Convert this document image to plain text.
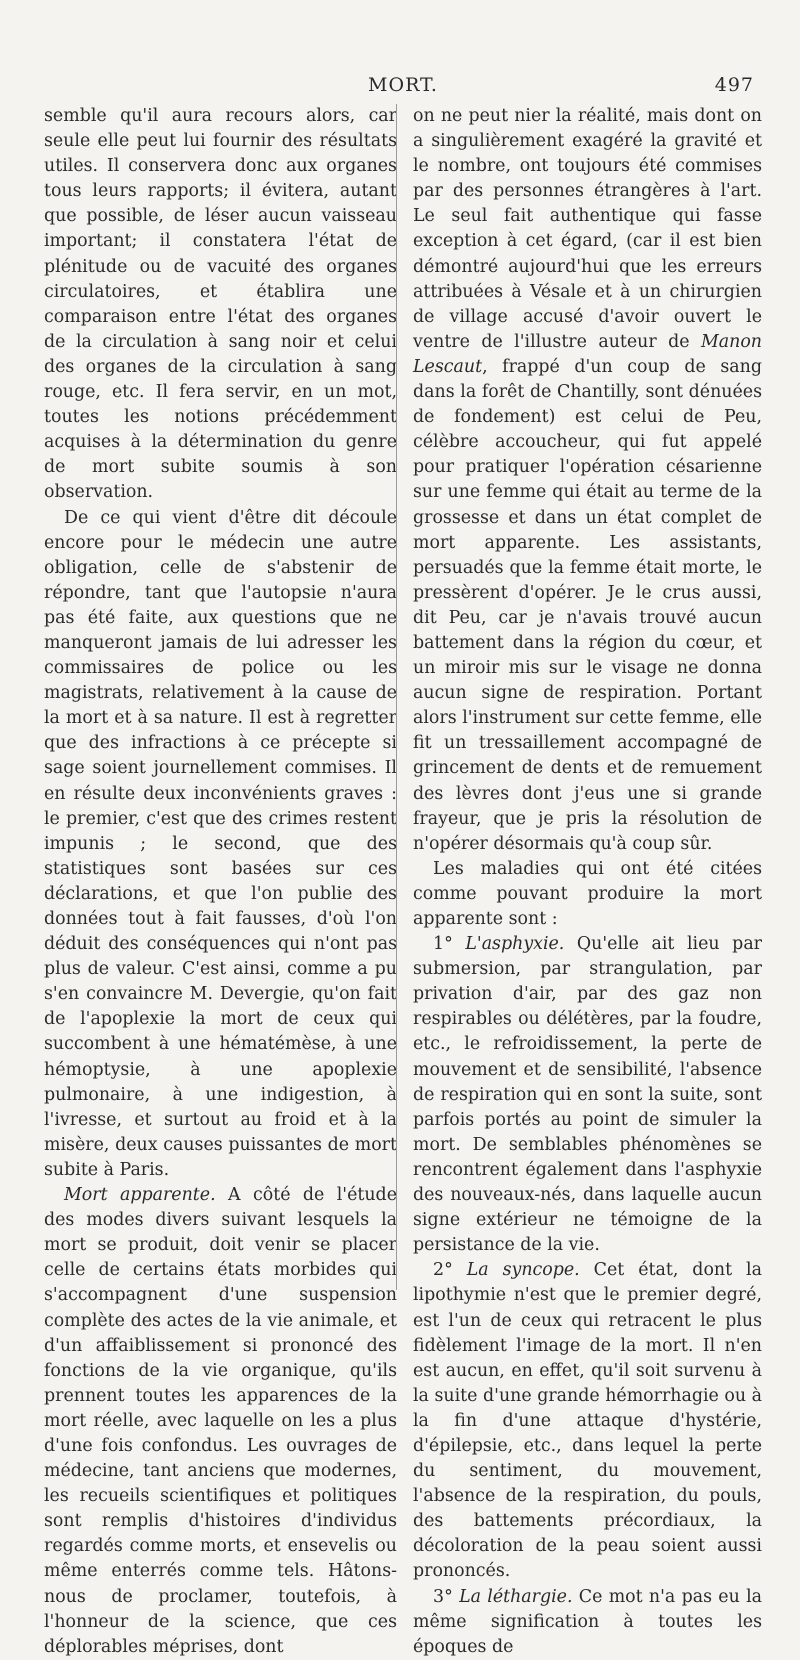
MORT.	497

semble qu'il aura recours alors, car seule elle peut lui fournir des résultats utiles. Il conservera donc aux organes tous leurs rapports; il évitera, autant que possible, de léser aucun vaisseau important; il constatera l'état de plénitude ou de vacuité des organes circulatoires, et établira une comparaison entre l'état des organes de la circulation à sang noir et celui des organes de la circulation à sang rouge, etc. Il fera servir, en un mot, toutes les notions précédemment acquises à la détermination du genre de mort subite soumis à son observation.

De ce qui vient d'être dit découle encore pour le médecin une autre obligation, celle de s'abstenir de répondre, tant que l'autopsie n'aura pas été faite, aux questions que ne manqueront jamais de lui adresser les commissaires de police ou les magistrats, relativement à la cause de la mort et à sa nature. Il est à regretter que des infractions à ce précepte si sage soient journellement commises. Il en résulte deux inconvénients graves : le premier, c'est que des crimes restent impunis ; le second, que des statistiques sont basées sur ces déclarations, et que l'on publie des données tout à fait fausses, d'où l'on déduit des conséquences qui n'ont pas plus de valeur. C'est ainsi, comme a pu s'en convaincre M. Devergie, qu'on fait de l'apoplexie la mort de ceux qui succombent à une hématémèse, à une hémoptysie, à une apoplexie pulmonaire, à une indigestion, à l'ivresse, et surtout au froid et à la misère, deux causes puissantes de mort subite à Paris.

Mort apparente. A côté de l'étude des modes divers suivant lesquels la mort se produit, doit venir se placer celle de certains états morbides qui s'accompagnent d'une suspension complète des actes de la vie animale, et d'un affaiblissement si prononcé des fonctions de la vie organique, qu'ils prennent toutes les apparences de la mort réelle, avec laquelle on les a plus d'une fois confondus. Les ouvrages de médecine, tant anciens que modernes, les recueils scientifiques et politiques sont remplis d'histoires d'individus regardés comme morts, et ensevelis ou même enterrés comme tels. Hâtons-nous de proclamer, toutefois, à l'honneur de la science, que ces déplorables méprises, dont

on ne peut nier la réalité, mais dont on a singulièrement exagéré la gravité et le nombre, ont toujours été commises par des personnes étrangères à l'art. Le seul fait authentique qui fasse exception à cet égard, (car il est bien démontré aujourd'hui que les erreurs attribuées à Vésale et à un chirurgien de village accusé d'avoir ouvert le ventre de l'illustre auteur de Manon Lescaut, frappé d'un coup de sang dans la forêt de Chantilly, sont dénuées de fondement) est celui de Peu, célèbre accoucheur, qui fut appelé pour pratiquer l'opération césarienne sur une femme qui était au terme de la grossesse et dans un état complet de mort apparente. Les assistants, persuadés que la femme était morte, le pressèrent d'opérer. Je le crus aussi, dit Peu, car je n'avais trouvé aucun battement dans la région du cœur, et un miroir mis sur le visage ne donna aucun signe de respiration. Portant alors l'instrument sur cette femme, elle fit un tressaillement accompagné de grincement de dents et de remuement des lèvres dont j'eus une si grande frayeur, que je pris la résolution de n'opérer désormais qu'à coup sûr.

Les maladies qui ont été citées comme pouvant produire la mort apparente sont :

1° L'asphyxie. Qu'elle ait lieu par submersion, par strangulation, par privation d'air, par des gaz non respirables ou délétères, par la foudre, etc., le refroidissement, la perte de mouvement et de sensibilité, l'absence de respiration qui en sont la suite, sont parfois portés au point de simuler la mort. De semblables phénomènes se rencontrent également dans l'asphyxie des nouveaux-nés, dans laquelle aucun signe extérieur ne témoigne de la persistance de la vie.

2° La syncope. Cet état, dont la lipothymie n'est que le premier degré, est l'un de ceux qui retracent le plus fidèlement l'image de la mort. Il n'en est aucun, en effet, qu'il soit survenu à la suite d'une grande hémorrhagie ou à la fin d'une attaque d'hystérie, d'épilepsie, etc., dans lequel la perte du sentiment, du mouvement, l'absence de la respiration, du pouls, des battements précordiaux, la décoloration de la peau soient aussi prononcés.

3° La léthargie. Ce mot n'a pas eu la même signification à toutes les époques de
